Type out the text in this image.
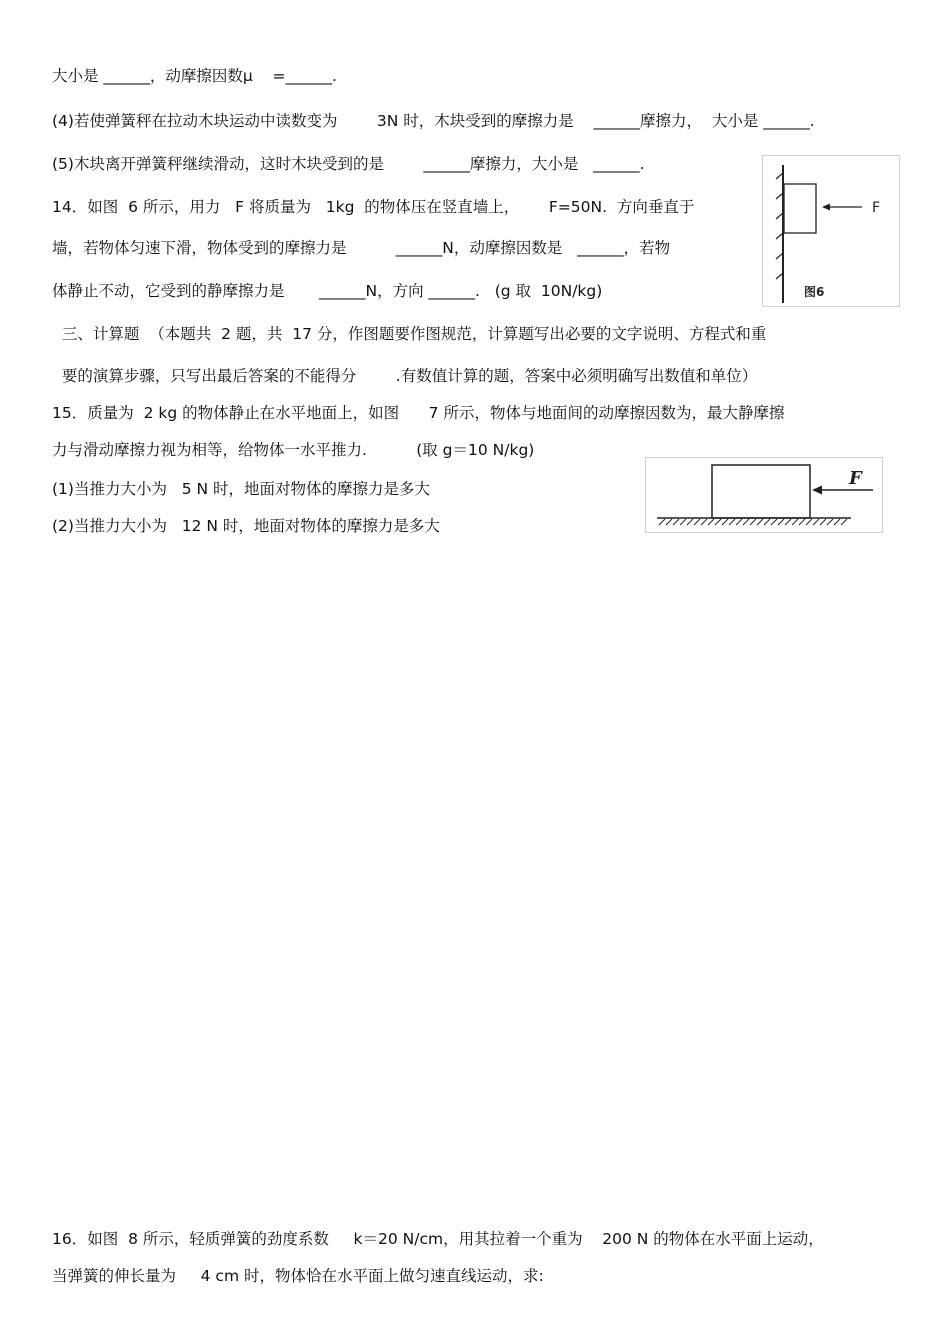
大小是 ______，动摩擦因数μ    =______.
(4)若使弹簧秤在拉动木块运动中读数变为        3N 时，木块受到的摩擦力是    ______摩擦力，  大小是 ______.
(5)木块离开弹簧秤继续滑动，这时木块受到的是        ______摩擦力，大小是   ______.
14．如图  6 所示，用力   F 将质量为   1kg  的物体压在竖直墙上，      F=50N.  方向垂直于
墙，若物体匀速下滑，物体受到的摩擦力是          ______N，动摩擦因数是   ______，若物
体静止不动，它受到的静摩擦力是       ______N，方向 ______.   (g 取  10N/kg)
三、计算题  （本题共  2 题，共  17 分，作图题要作图规范，计算题写出必要的文字说明、方程式和重
要的演算步骤，只写出最后答案的不能得分        .有数值计算的题，答案中必须明确写出数值和单位）
15．质量为  2 kg 的物体静止在水平地面上，如图      7 所示，物体与地面间的动摩擦因数为，最大静摩擦
力与滑动摩擦力视为相等，给物体一水平推力.          (取 g＝10 N/kg)
(1)当推力大小为   5 N 时，地面对物体的摩擦力是多大
(2)当推力大小为   12 N 时，地面对物体的摩擦力是多大
16．如图  8 所示，轻质弹簧的劲度系数     k＝20 N/cm，用其拉着一个重为    200 N 的物体在水平面上运动，
当弹簧的伸长量为     4 cm 时，物体恰在水平面上做匀速直线运动，求:
F
图6
F
